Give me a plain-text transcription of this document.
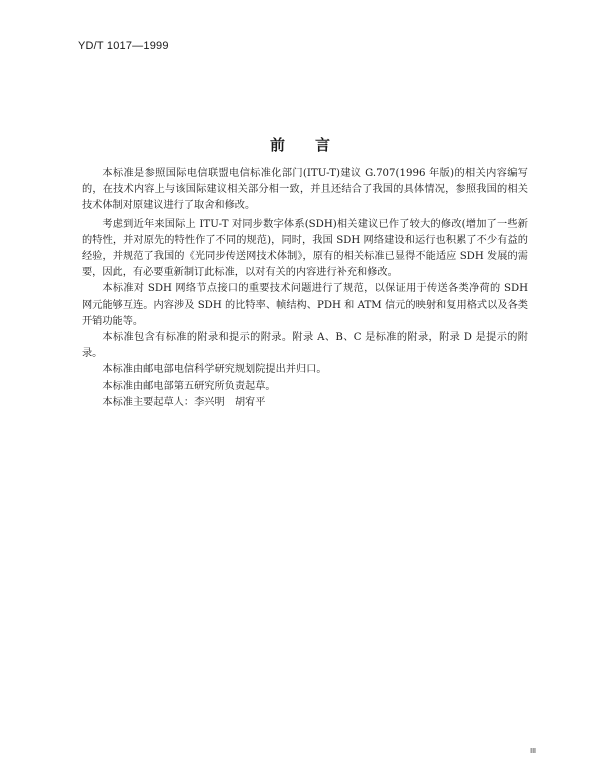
YD/T 1017—1999
前言

本标准是参照国际电信联盟电信标准化部门(ITU-T)建议 G.707(1996 年版)的相关内容编写的，在技术内容上与该国际建议相关部分相一致，并且还结合了我国的具体情况，参照我国的相关技术体制对原建议进行了取舍和修改。

考虑到近年来国际上 ITU-T 对同步数字体系(SDH)相关建议已作了较大的修改(增加了一些新的特性，并对原先的特性作了不同的规范)，同时，我国 SDH 网络建设和运行也积累了不少有益的经验，并规范了我国的《光同步传送网技术体制》，原有的相关标准已显得不能适应 SDH 发展的需要，因此，有必要重新制订此标准，以对有关的内容进行补充和修改。

本标准对 SDH 网络节点接口的重要技术问题进行了规范，以保证用于传送各类净荷的 SDH 网元能够互连。内容涉及 SDH 的比特率、帧结构、PDH 和 ATM 信元的映射和复用格式以及各类开销功能等。

本标准包含有标准的附录和提示的附录。附录 A、B、C 是标准的附录，附录 D 是提示的附录。

本标准由邮电部电信科学研究规划院提出并归口。

本标准由邮电部第五研究所负责起草。

本标准主要起草人：李兴明　胡宥平

III
